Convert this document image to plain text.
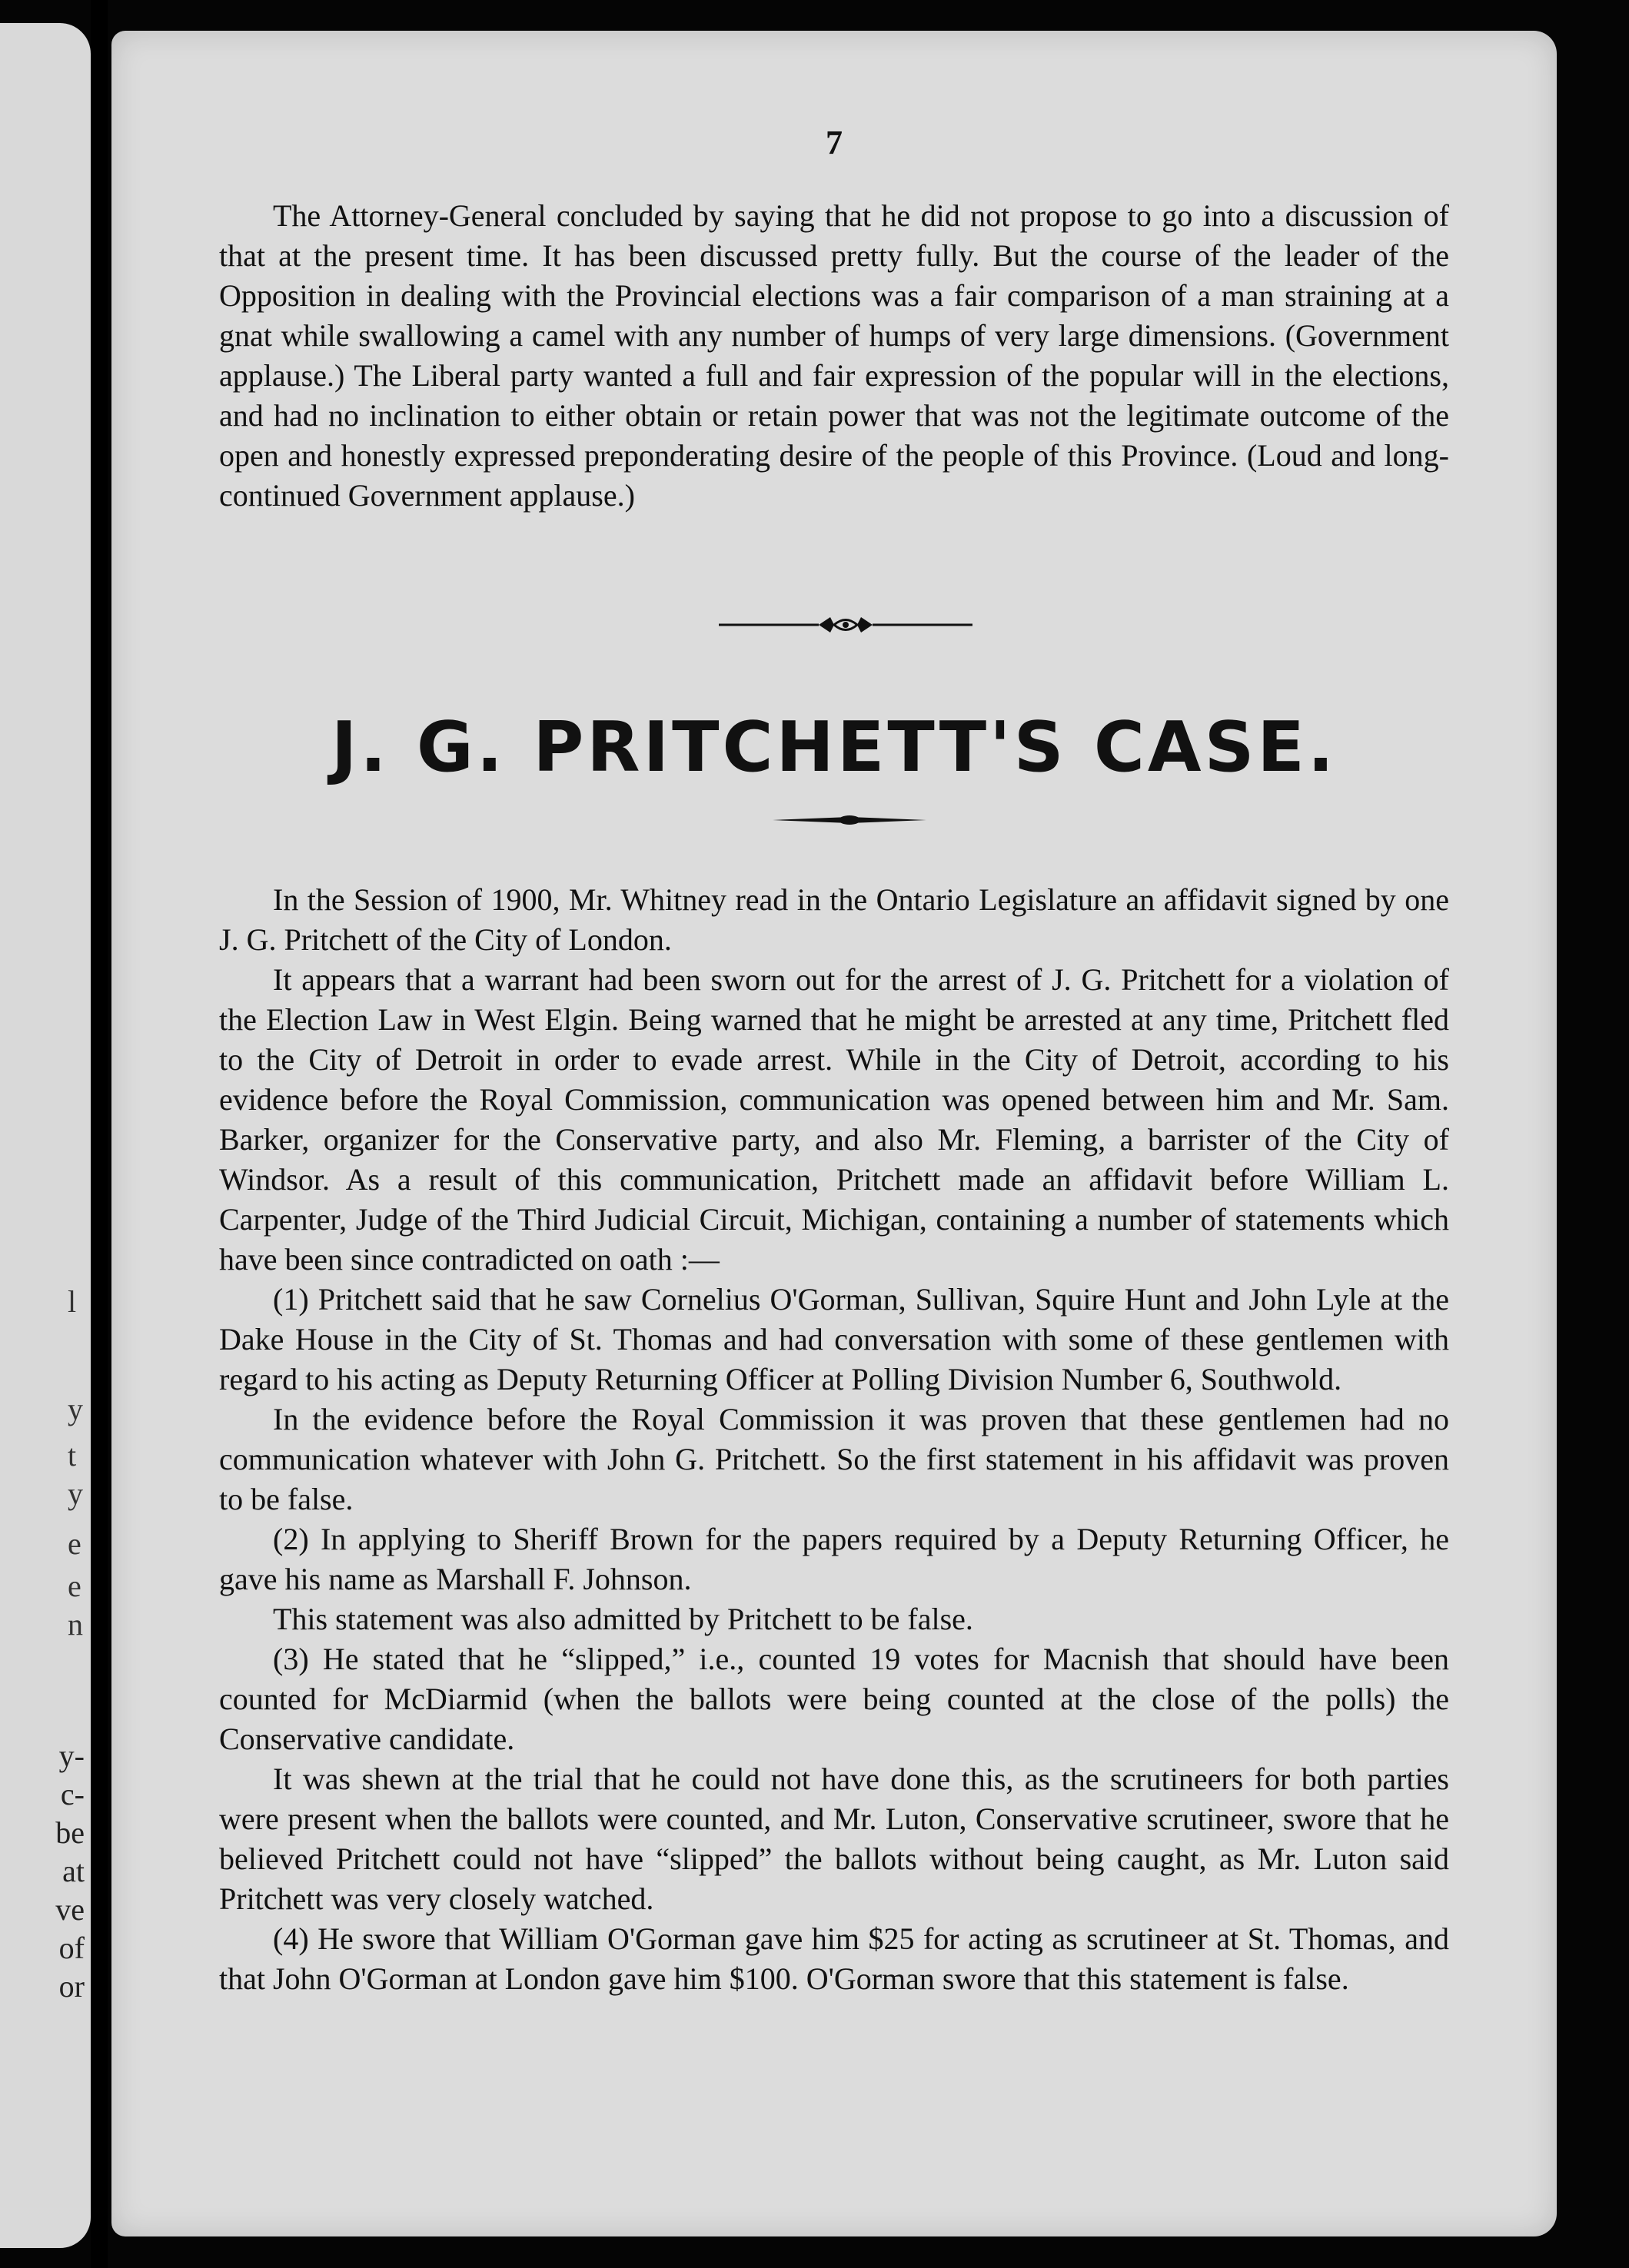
l
y
t
y
e
e
n
y-
c-
be
at
ve
of
or
7

The Attorney-General concluded by saying that he did not propose to go into a discussion of that at the present time. It has been discussed pretty fully. But the course of the leader of the Opposition in dealing with the Provincial elections was a fair comparison of a man straining at a gnat while swallowing a camel with any number of humps of very large dimensions. (Government applause.) The Liberal party wanted a full and fair expression of the popular will in the elections, and had no inclination to either obtain or retain power that was not the legitimate outcome of the open and honestly expressed preponderating desire of the people of this Province. (Loud and long-continued Government applause.)

J. G. PRITCHETT'S CASE.

In the Session of 1900, Mr. Whitney read in the Ontario Legislature an affidavit signed by one J. G. Pritchett of the City of London.

It appears that a warrant had been sworn out for the arrest of J. G. Pritchett for a violation of the Election Law in West Elgin. Being warned that he might be arrested at any time, Pritchett fled to the City of Detroit in order to evade arrest. While in the City of Detroit, according to his evidence before the Royal Commission, communication was opened between him and Mr. Sam. Barker, organizer for the Conservative party, and also Mr. Fleming, a barrister of the City of Windsor. As a result of this communication, Pritchett made an affidavit before William L. Carpenter, Judge of the Third Judicial Circuit, Michigan, containing a number of statements which have been since contradicted on oath :—

(1) Pritchett said that he saw Cornelius O'Gorman, Sullivan, Squire Hunt and John Lyle at the Dake House in the City of St. Thomas and had conversation with some of these gentlemen with regard to his acting as Deputy Returning Officer at Polling Division Number 6, Southwold.

In the evidence before the Royal Commission it was proven that these gentlemen had no communication whatever with John G. Pritchett. So the first statement in his affidavit was proven to be false.

(2) In applying to Sheriff Brown for the papers required by a Deputy Returning Officer, he gave his name as Marshall F. Johnson.

This statement was also admitted by Pritchett to be false.

(3) He stated that he “slipped,” i.e., counted 19 votes for Macnish that should have been counted for McDiarmid (when the ballots were being counted at the close of the polls) the Conservative candidate.

It was shewn at the trial that he could not have done this, as the scrutineers for both parties were present when the ballots were counted, and Mr. Luton, Conservative scrutineer, swore that he believed Pritchett could not have “slipped” the ballots without being caught, as Mr. Luton said Pritchett was very closely watched.

(4) He swore that William O'Gorman gave him $25 for acting as scrutineer at St. Thomas, and that John O'Gorman at London gave him $100. O'Gorman swore that this statement is false.
